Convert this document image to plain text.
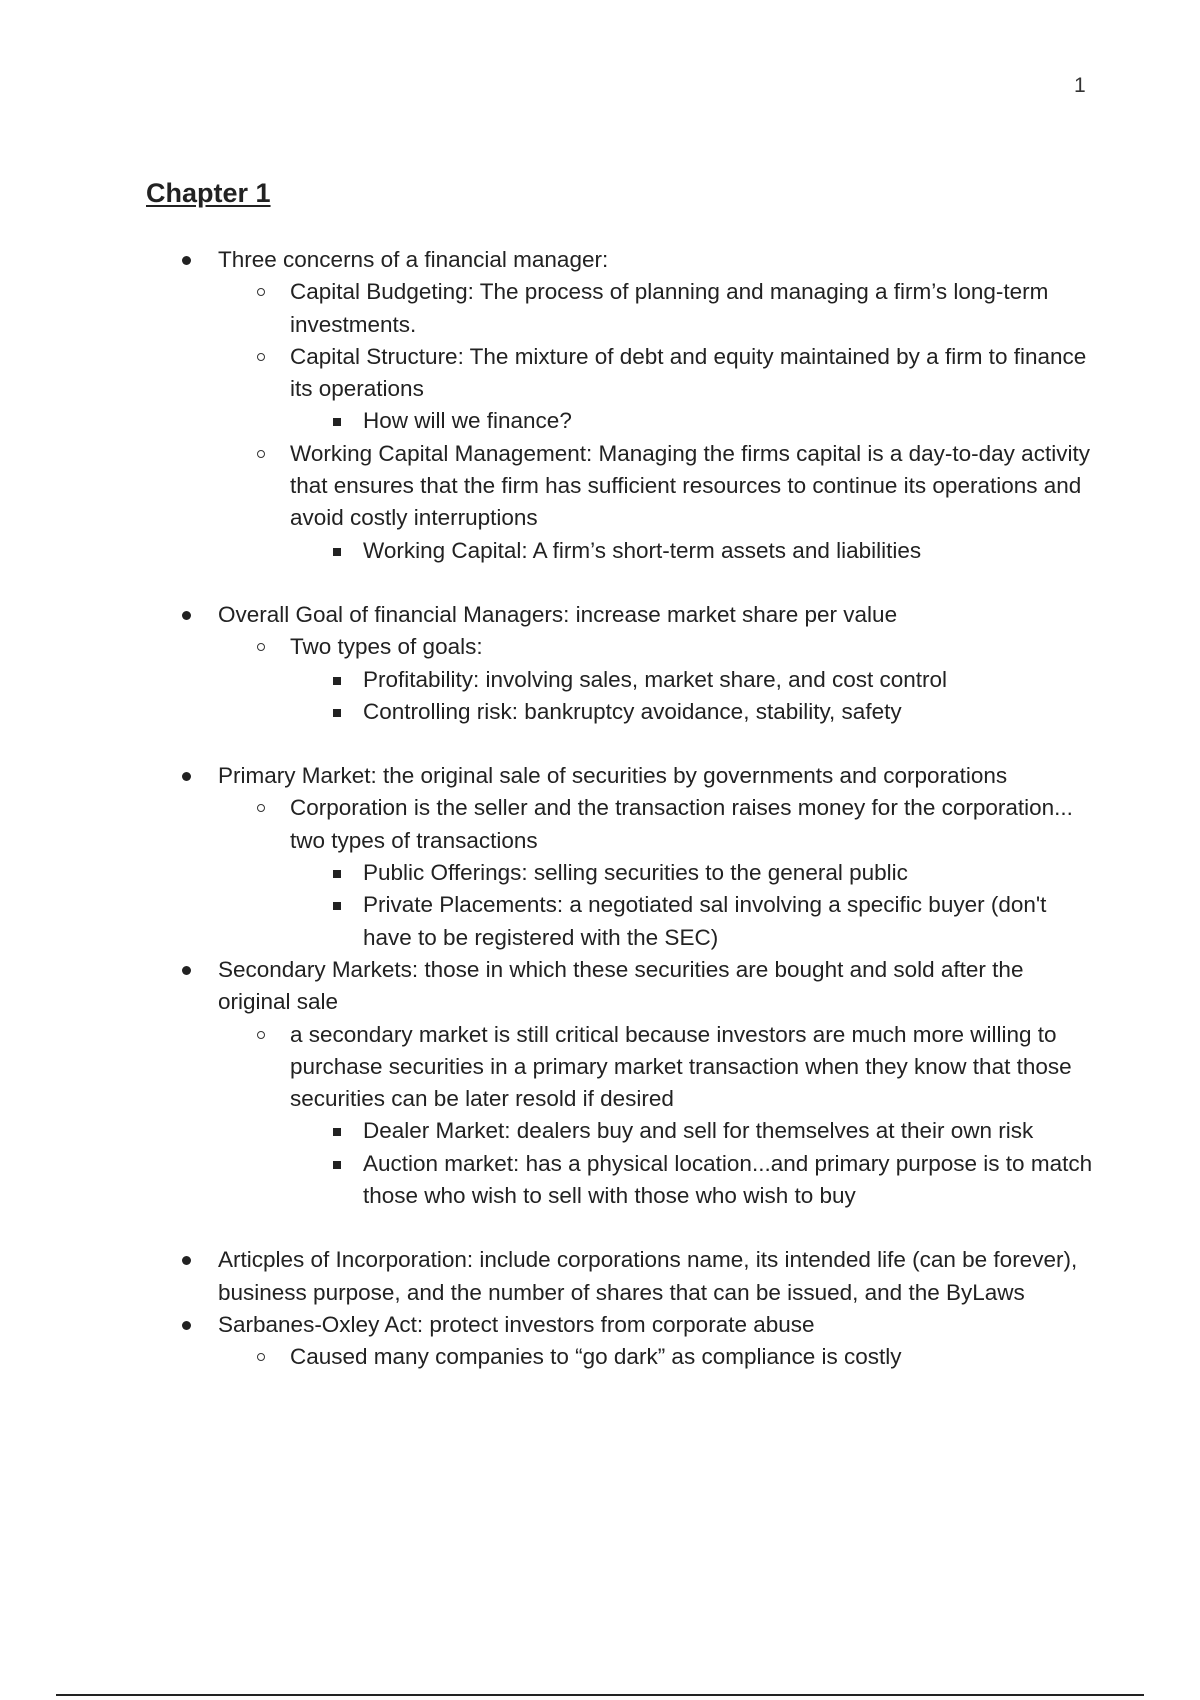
1
Chapter 1
Three concerns of a financial manager:
Capital Budgeting: The process of planning and managing a firm’s long-term investments.
Capital Structure: The mixture of debt and equity maintained by a firm to finance its operations
How will we finance?
Working Capital Management: Managing the firms capital is a day-to-day activity that ensures that the firm has sufficient resources to continue its operations and avoid costly interruptions
Working Capital: A firm’s short-term assets and liabilities
Overall Goal of financial Managers: increase market share per value
Two types of goals:
Profitability: involving sales, market share, and cost control
Controlling risk: bankruptcy avoidance, stability, safety
Primary Market: the original sale of securities by governments and corporations
Corporation is the seller and the transaction raises money for the corporation... two types of transactions
Public Offerings: selling securities to the general public
Private Placements: a negotiated sal involving a specific buyer (don't have to be registered with the SEC)
Secondary Markets: those in which these securities are bought and sold after the original sale
a secondary market is still critical because investors are much more willing to purchase securities in a primary market transaction when they know that those securities can be later resold if desired
Dealer Market: dealers buy and sell for themselves at their own risk
Auction market: has a physical location...and primary purpose is to match those who wish to sell with those who wish to buy
Articples of Incorporation: include corporations name, its intended life (can be forever), business purpose, and the number of shares that can be issued, and the ByLaws
Sarbanes-Oxley Act: protect investors from corporate abuse
Caused many companies to “go dark” as compliance is costly
